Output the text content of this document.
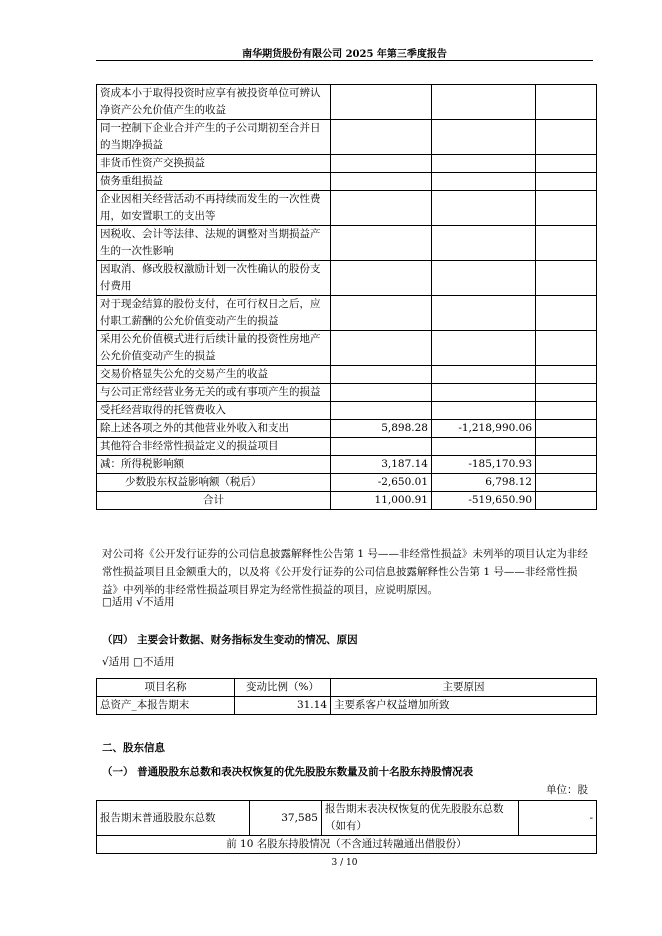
南华期货股份有限公司 2025 年第三季度报告
资成本小于取得投资时应享有被投资单位可辨认净资产公允价值产生的收益			
同一控制下企业合并产生的子公司期初至合并日的当期净损益			
非货币性资产交换损益			
债务重组损益			
企业因相关经营活动不再持续而发生的一次性费用，如安置职工的支出等			
因税收、会计等法律、法规的调整对当期损益产生的一次性影响			
因取消、修改股权激励计划一次性确认的股份支付费用			
对于现金结算的股份支付，在可行权日之后，应付职工薪酬的公允价值变动产生的损益			
采用公允价值模式进行后续计量的投资性房地产公允价值变动产生的损益			
交易价格显失公允的交易产生的收益			
与公司正常经营业务无关的或有事项产生的损益			
受托经营取得的托管费收入			
除上述各项之外的其他营业外收入和支出	5,898.28	-1,218,990.06	
其他符合非经常性损益定义的损益项目			
减：所得税影响额	3,187.14	-185,170.93	
少数股东权益影响额（税后）	-2,650.01	6,798.12	
合计	11,000.91	-519,650.90	
对公司将《公开发行证券的公司信息披露解释性公告第 1 号——非经常性损益》未列举的项目认定为非经常性损益项目且金额重大的，以及将《公开发行证券的公司信息披露解释性公告第 1 号——非经常性损益》中列举的非经常性损益项目界定为经常性损益的项目，应说明原因。
□适用 √不适用
（四） 主要会计数据、财务指标发生变动的情况、原因
√适用 □不适用
项目名称	变动比例（%）	主要原因
总资产_本报告期末	31.14	主要系客户权益增加所致
二、股东信息
（一） 普通股股东总数和表决权恢复的优先股股东数量及前十名股东持股情况表
单位：股
报告期末普通股股东总数	37,585	报告期末表决权恢复的优先股股东总数（如有）	-
前 10 名股东持股情况（不含通过转融通出借股份）
3 / 10
